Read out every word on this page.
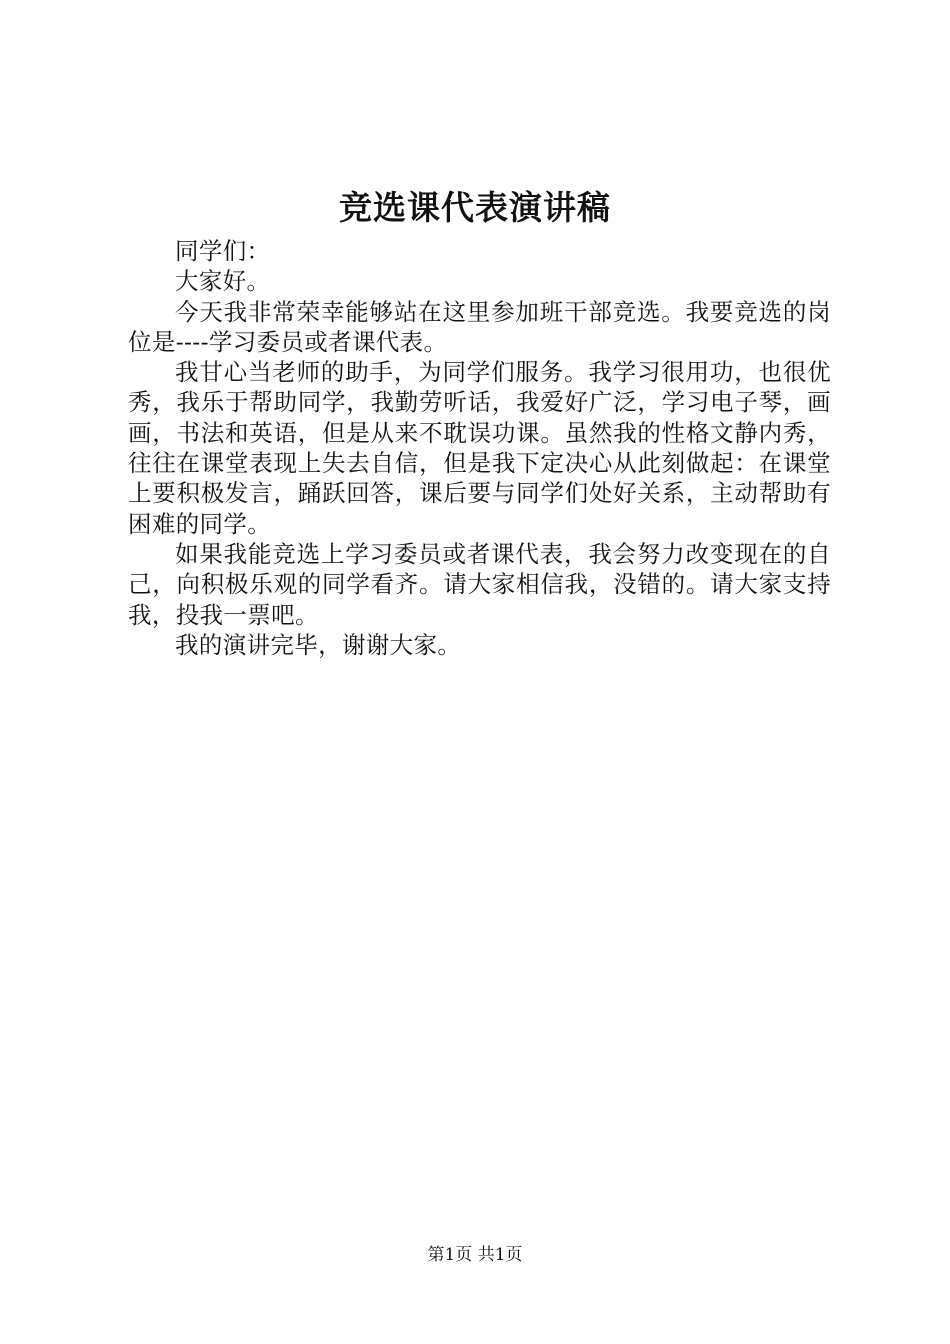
竞选课代表演讲稿

同学们：

大家好。

今天我非常荣幸能够站在这里参加班干部竞选。我要竞选的岗位是----学习委员或者课代表。

我甘心当老师的助手，为同学们服务。我学习很用功，也很优秀，我乐于帮助同学，我勤劳听话，我爱好广泛，学习电子琴，画画，书法和英语，但是从来不耽误功课。虽然我的性格文静内秀，往往在课堂表现上失去自信，但是我下定决心从此刻做起：在课堂上要积极发言，踊跃回答，课后要与同学们处好关系，主动帮助有困难的同学。

如果我能竞选上学习委员或者课代表，我会努力改变现在的自己，向积极乐观的同学看齐。请大家相信我，没错的。请大家支持我，投我一票吧。

我的演讲完毕，谢谢大家。

第1页 共1页
